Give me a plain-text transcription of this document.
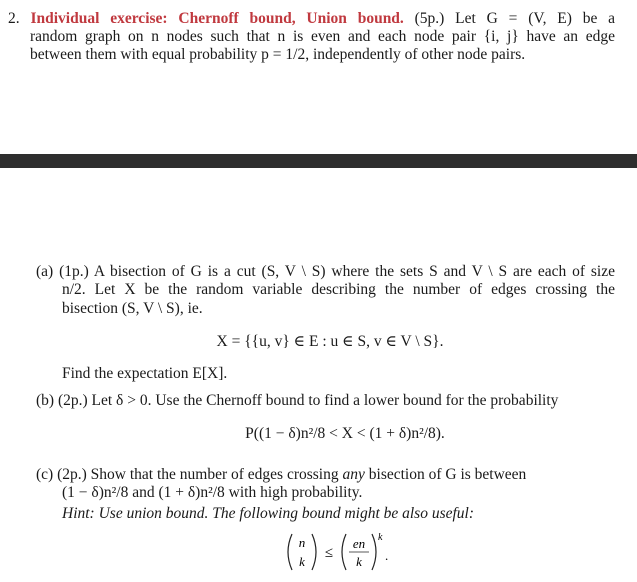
2. Individual exercise: Chernoff bound, Union bound. (5p.) Let G = (V, E) be a
random graph on n nodes such that n is even and each node pair {i, j} have an edge
between them with equal probability p = 1/2, independently of other node pairs.
(a) (1p.) A bisection of G is a cut (S, V \ S) where the sets S and V \ S are each of size
n/2. Let X be the random variable describing the number of edges crossing the
bisection (S, V \ S), ie.
X = {{u, v} ∈ E : u ∈ S, v ∈ V \ S}.
Find the expectation E[X].
(b) (2p.) Let δ > 0. Use the Chernoff bound to find a lower bound for the probability
P((1 − δ)n²/8 < X < (1 + δ)n²/8).
(c) (2p.) Show that the number of edges crossing any bisection of G is between
(1 − δ)n²/8 and (1 + δ)n²/8 with high probability.
Hint: Use union bound. The following bound might be also useful:
n
k
≤
en
k
k
.
